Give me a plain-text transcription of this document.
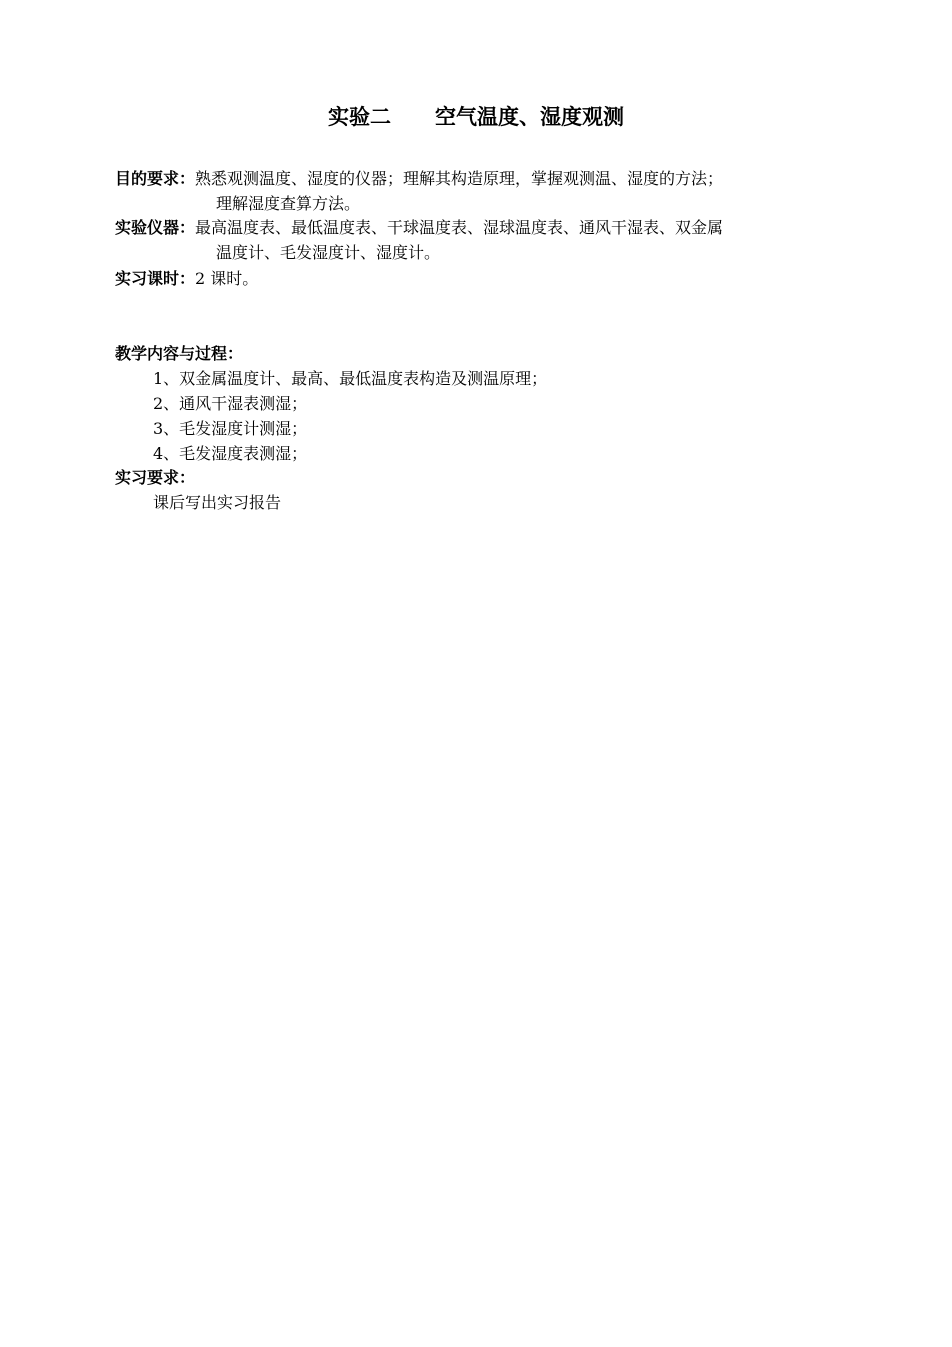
实验二 空气温度、湿度观测
目的要求：熟悉观测温度、湿度的仪器；理解其构造原理，掌握观测温、湿度的方法；
理解湿度查算方法。
实验仪器：最高温度表、最低温度表、干球温度表、湿球温度表、通风干湿表、双金属
温度计、毛发湿度计、湿度计。
实习课时：2 课时。
教学内容与过程：
1、双金属温度计、最高、最低温度表构造及测温原理；
2、通风干湿表测湿；
3、毛发湿度计测湿；
4、毛发湿度表测湿；
实习要求：
课后写出实习报告
